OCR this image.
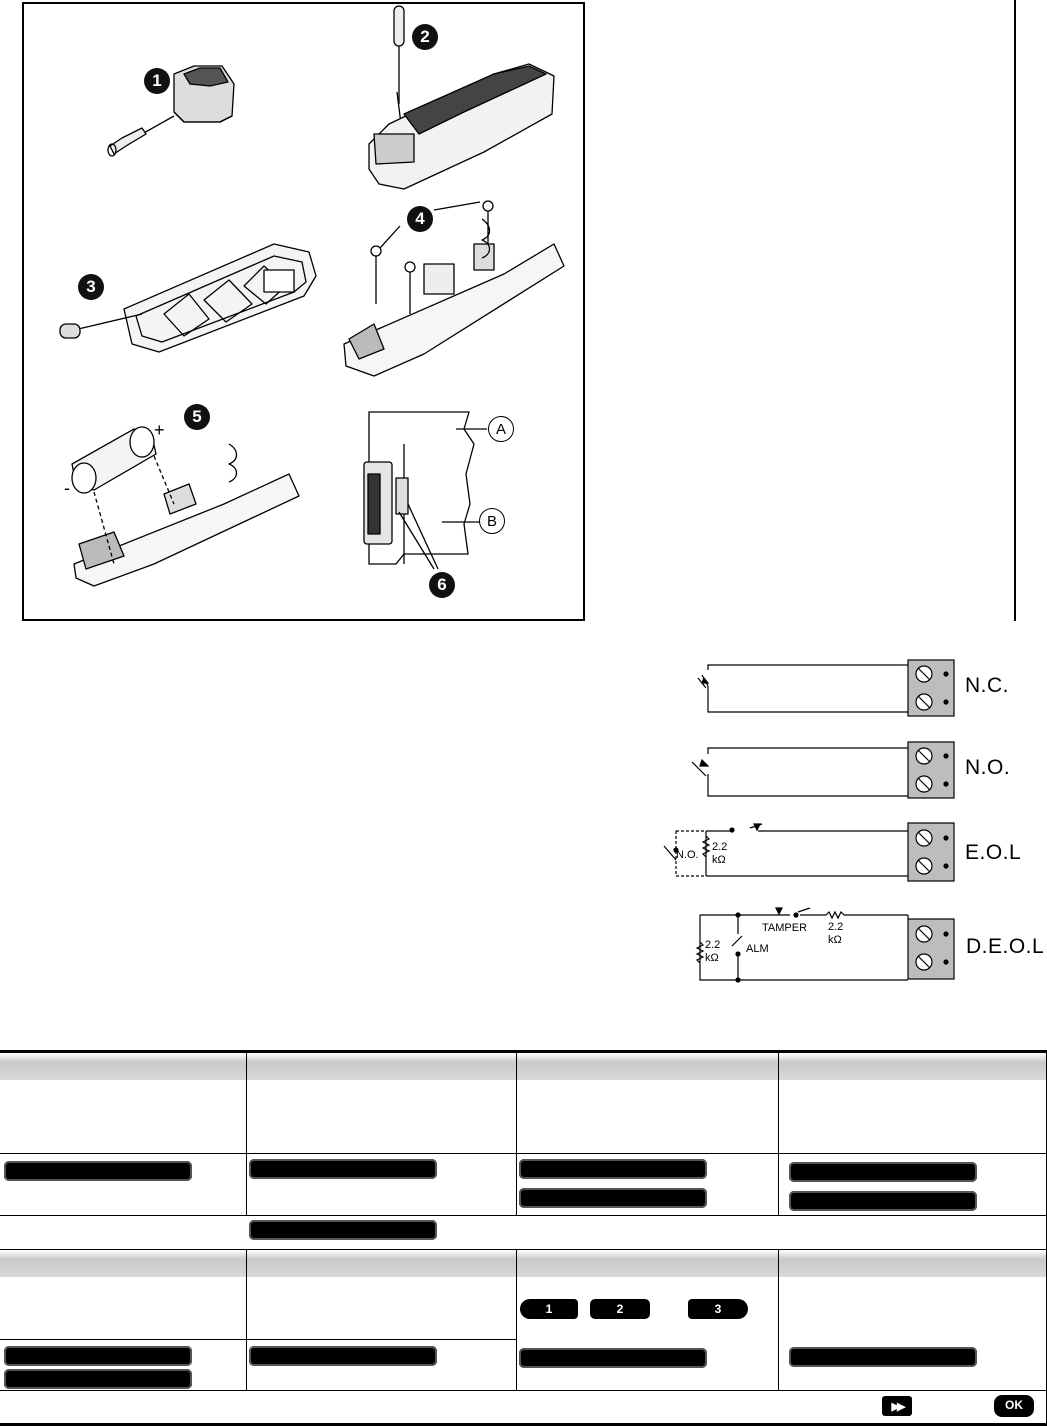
1
2
3
4
5
6
A
B
+
-
N.O.
2.2
kΩ
TAMPER
ALM
2.2
kΩ
2.2
kΩ
N.C.
N.O.
E.O.L
D.E.O.L
1	2	3
▶▶	OK
